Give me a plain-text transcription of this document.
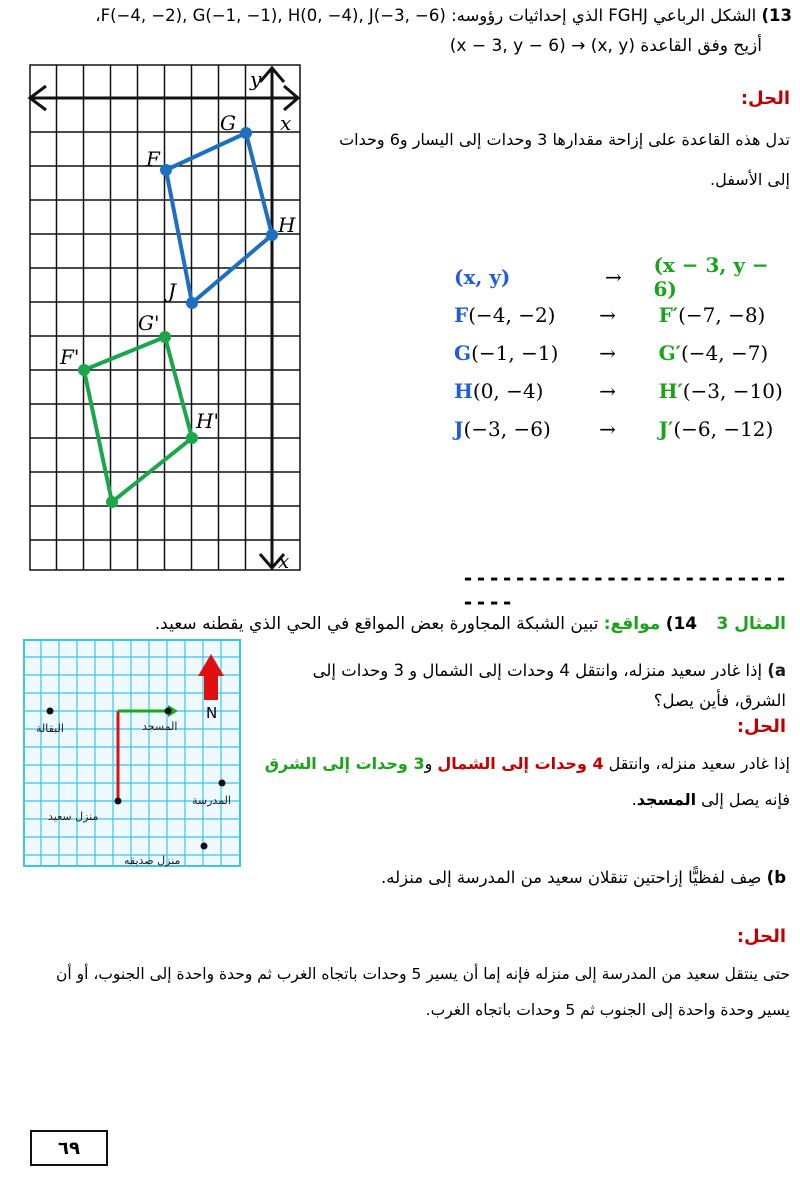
13) الشكل الرباعي FGHJ الذي إحداثيات رؤوسه: F(−4, −2), G(−1, −1), H(0, −4), J(−3, −6)،
أزيح وفق القاعدة (x, y) → (x − 3, y − 6)
y
x
x
F
G
H
J
F'
G'
H'
الحل:
تدل هذه القاعدة على إزاحة مقدارها 3 وحدات إلى اليسار و6 وحدات
إلى الأسفل.
(x, y)	→	(x − 3, y − 6)
F(−4, −2)	→	F′(−7, −8)
G(−1, −1)	→	G′(−4, −7)
H(0, −4)	→	H′(−3, −10)
J(−3, −6)	→	J′(−6, −12)
-----------------------------
المثال 3 14) مواقع: تبين الشبكة المجاورة بعض المواقع في الحي الذي يقطنه سعيد.
N
البقالة	المسجد
المدرسة
منزل سعيد
منزل صديقه
a) إذا غادر سعيد منزله، وانتقل 4 وحدات إلى الشمال و 3 وحدات إلى الشرق، فأين يصل؟
الحل:
إذا غادر سعيد منزله، وانتقل 4 وحدات إلى الشمال و3 وحدات إلى الشرق فإنه يصل إلى المسجد.
b) صِف لفظيًّا إزاحتين تنقلان سعيد من المدرسة إلى منزله.
الحل:
حتى ينتقل سعيد من المدرسة إلى منزله فإنه إما أن يسير 5 وحدات باتجاه الغرب ثم وحدة واحدة إلى الجنوب، أو أن
يسير وحدة واحدة إلى الجنوب ثم 5 وحدات باتجاه الغرب.
٦٩
